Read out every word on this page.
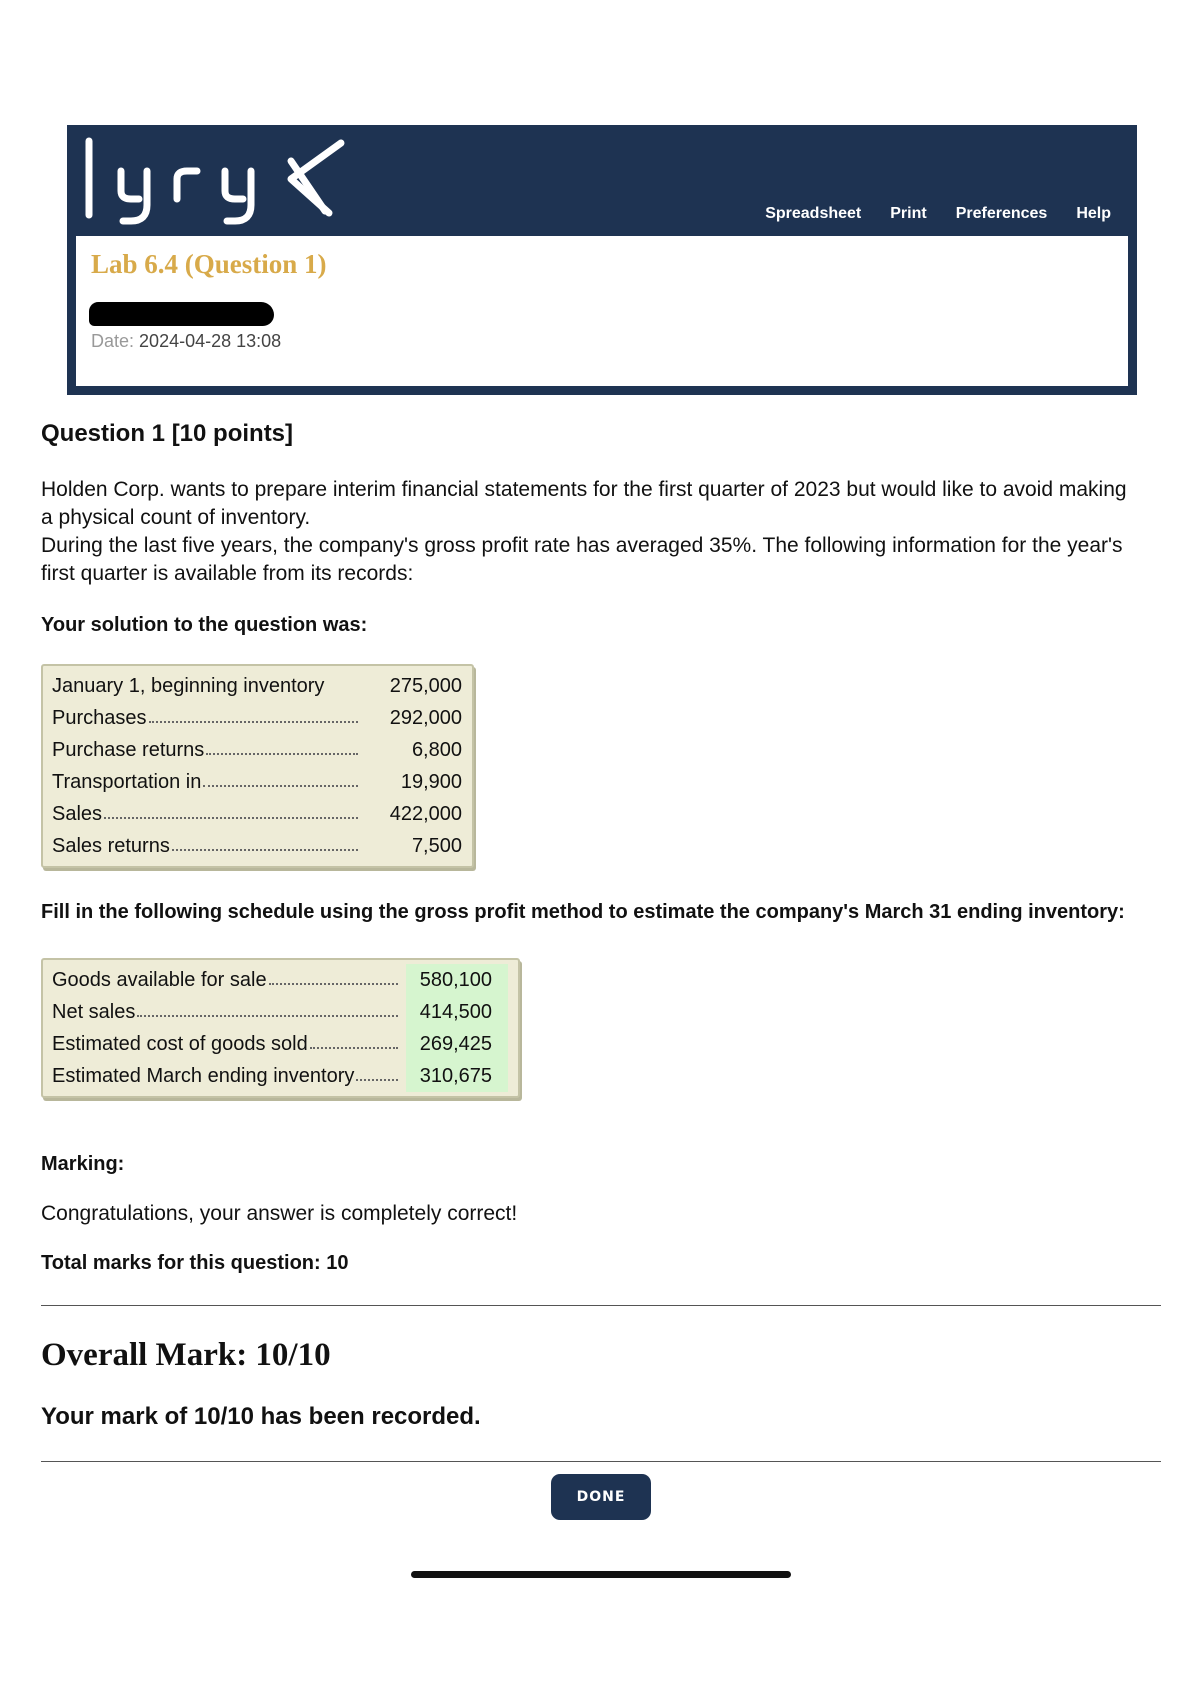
Spreadsheet Print Preferences Help
Lab 6.4 (Question 1)
Date: 2024-04-28 13:08
Question 1 [10 points]

Holden Corp. wants to prepare interim financial statements for the first quarter of 2023 but would like to avoid making a physical count of inventory.

During the last five years, the company's gross profit rate has averaged 35%. The following information for the year's first quarter is available from its records:

Your solution to the question was:

January 1, beginning inventory	275,000
Purchases	292,000
Purchase returns	6,800
Transportation in	19,900
Sales	422,000
Sales returns	7,500

Fill in the following schedule using the gross profit method to estimate the company's March 31 ending inventory:

Goods available for sale	580,100
Net sales	414,500
Estimated cost of goods sold	269,425
Estimated March ending inventory	310,675

Marking:

Congratulations, your answer is completely correct!

Total marks for this question: 10

Overall Mark: 10/10

Your mark of 10/10 has been recorded.

DONE
